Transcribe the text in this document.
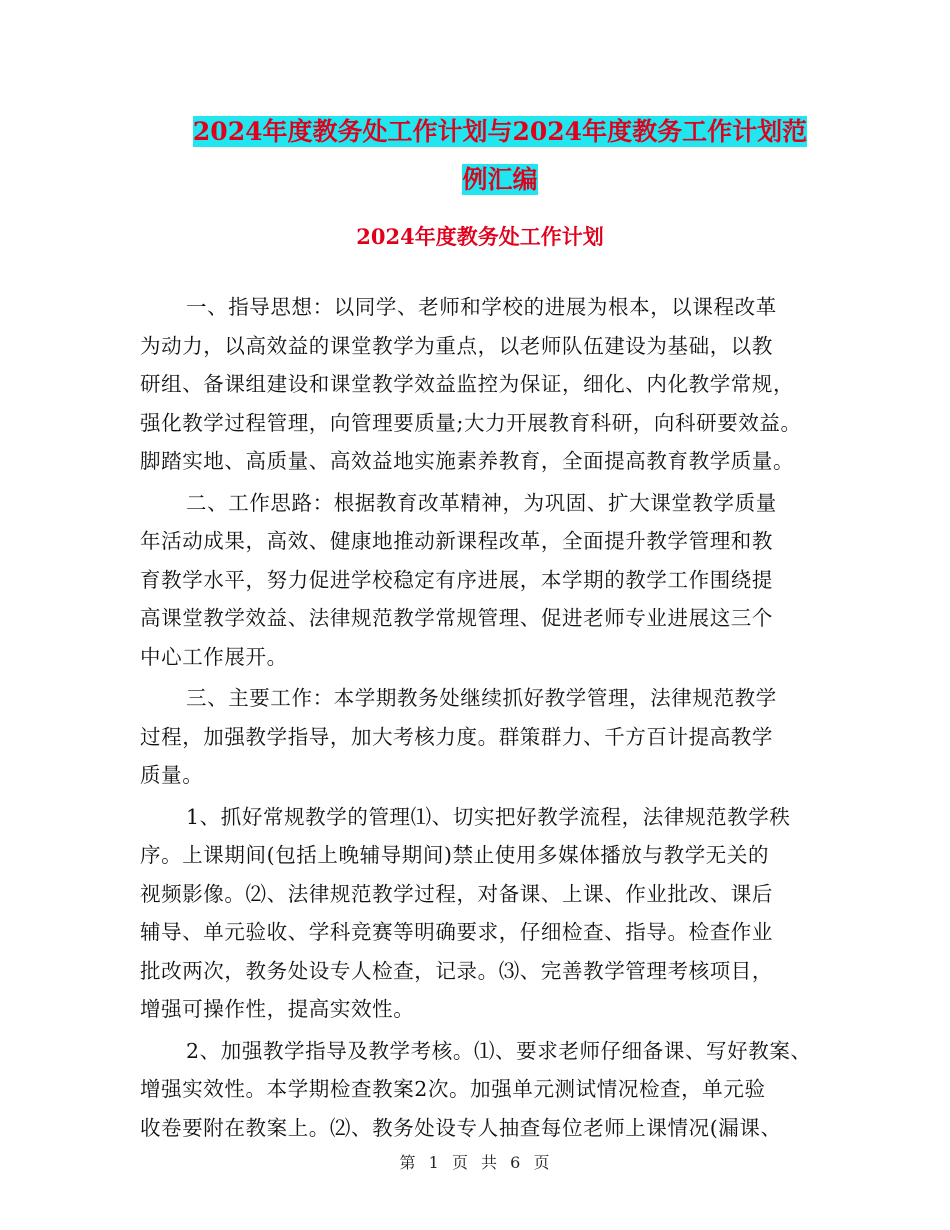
2024年度教务处工作计划与2024年度教务工作计划范
例汇编
2024年度教务处工作计划
一、指导思想：以同学、老师和学校的进展为根本，以课程改革
为动力，以高效益的课堂教学为重点，以老师队伍建设为基础，以教
研组、备课组建设和课堂教学效益监控为保证，细化、内化教学常规，
强化教学过程管理，向管理要质量;大力开展教育科研，向科研要效益。
脚踏实地、高质量、高效益地实施素养教育，全面提高教育教学质量。
二、工作思路：根据教育改革精神，为巩固、扩大课堂教学质量
年活动成果，高效、健康地推动新课程改革，全面提升教学管理和教
育教学水平，努力促进学校稳定有序进展，本学期的教学工作围绕提
高课堂教学效益、法律规范教学常规管理、促进老师专业进展这三个
中心工作展开。
三、主要工作：本学期教务处继续抓好教学管理，法律规范教学
过程，加强教学指导，加大考核力度。群策群力、千方百计提高教学
质量。
1、抓好常规教学的管理⑴、切实把好教学流程，法律规范教学秩
序。上课期间(包括上晚辅导期间)禁止使用多媒体播放与教学无关的
视频影像。⑵、法律规范教学过程，对备课、上课、作业批改、课后
辅导、单元验收、学科竞赛等明确要求，仔细检查、指导。检查作业
批改两次，教务处设专人检查，记录。⑶、完善教学管理考核项目，
增强可操作性，提高实效性。
2、加强教学指导及教学考核。⑴、要求老师仔细备课、写好教案、
增强实效性。本学期检查教案2次。加强单元测试情况检查，单元验
收卷要附在教案上。⑵、教务处设专人抽查每位老师上课情况(漏课、
第 1 页 共 6 页
